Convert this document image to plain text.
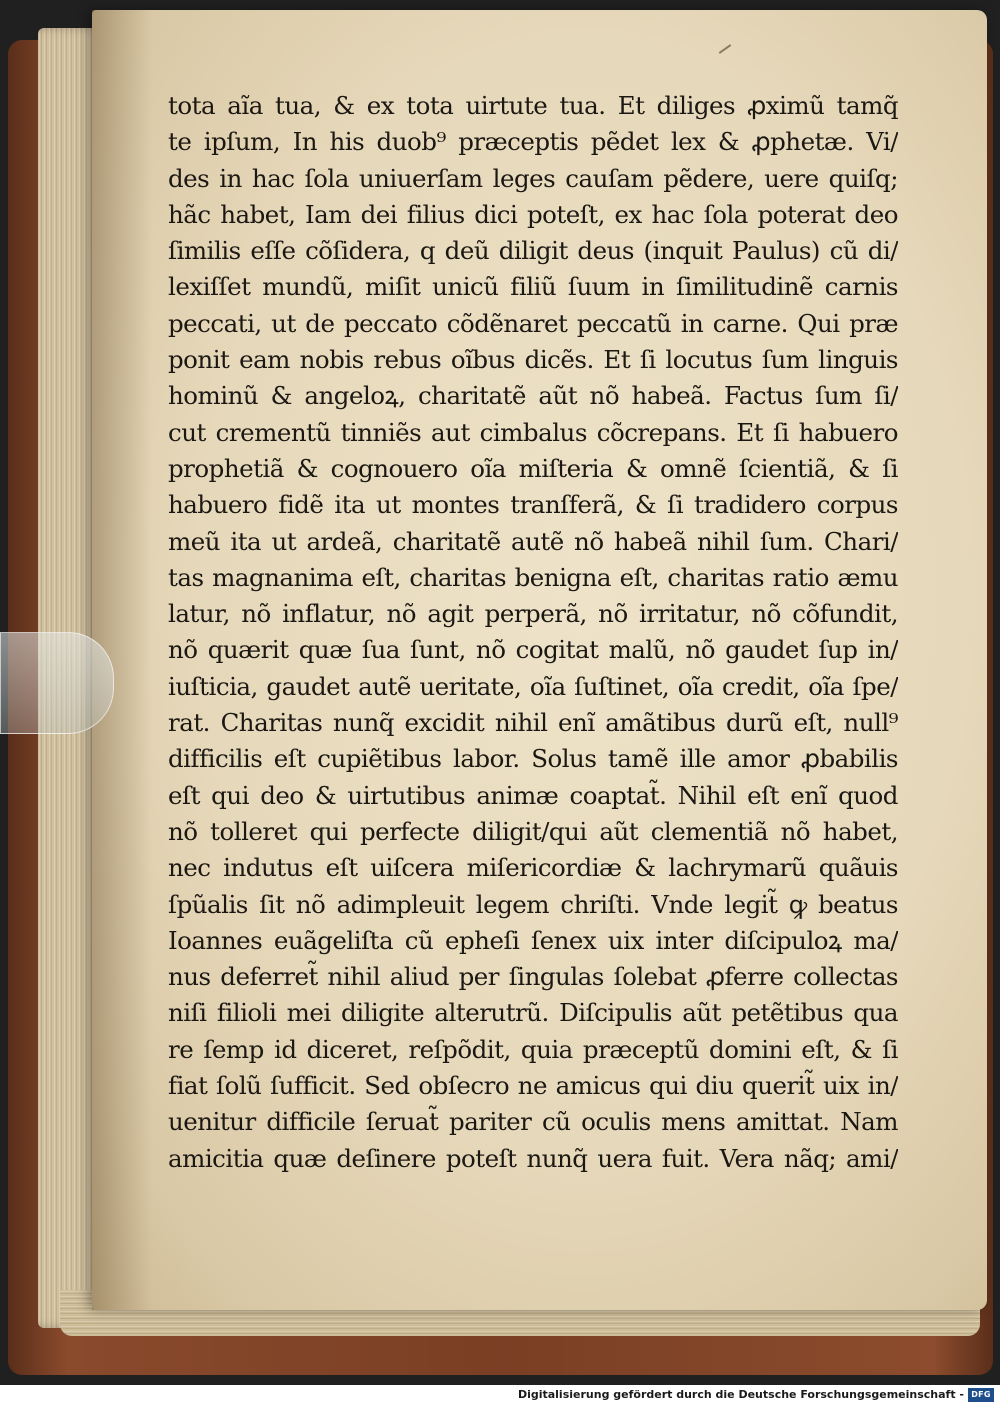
tota aĩa tua, & ex tota uirtute tua. Et diliges ꝓximũ tamq̃
te ipſum, In his duob⁹ præceptis pẽdet lex & ꝓphetæ. Vi/
des in hac ſola uniuerſam leges cauſam pẽdere, uere quiſq;
hãc habet, Iam dei filius dici poteſt, ex hac ſola poterat deo
ſimilis eſſe cõſidera, q deũ diligit deus (inquit Paulus) cũ di/
lexiſſet mundũ, miſit unicũ filiũ ſuum in ſimilitudinẽ carnis
peccati, ut de peccato cõdẽnaret peccatũ in carne. Qui præ
ponit eam nobis rebus oĩbus dicẽs. Et ſi locutus ſum linguis
hominũ & angeloꝝ, charitatẽ aũt nõ habeã. Factus ſum ſi/
cut crementũ tinniẽs aut cimbalus cõcrepans. Et ſi habuero
prophetiã & cognouero oĩa miſteria & omnẽ ſcientiã, & ſi
habuero fidẽ ita ut montes tranſferã, & ſi tradidero corpus
meũ ita ut ardeã, charitatẽ autẽ nõ habeã nihil ſum. Chari/
tas magnanima eſt, charitas benigna eſt, charitas ratio æmu
latur, nõ inflatur, nõ agit perperã, nõ irritatur, nõ cõfundit,
nõ quærit quæ ſua ſunt, nõ cogitat malũ, nõ gaudet ſup in/
iuſticia, gaudet autẽ ueritate, oĩa ſuſtinet, oĩa credit, oĩa ſpe/
rat. Charitas nunq̃ excidit nihil enĩ amãtibus durũ eſt, null⁹
difficilis eſt cupiẽtibus labor. Solus tamẽ ille amor ꝓbabilis
eſt qui deo & uirtutibus animæ coaptat̃. Nihil eſt enĩ quod
nõ tolleret qui perfecte diligit/qui aũt clementiã nõ habet,
nec indutus eſt uiſcera miſericordiæ & lachrymarũ quãuis
ſpũalis ſit nõ adimpleuit legem chriſti. Vnde legit̃ ꝙ beatus
Ioannes euãgeliſta cũ epheſi ſenex uix inter diſcipuloꝝ ma/
nus deferret̃ nihil aliud per ſingulas ſolebat ꝓferre collectas
niſi filioli mei diligite alterutrũ. Diſcipulis aũt petẽtibus qua
re ſemp id diceret, reſpõdit, quia præceptũ domini eſt, & ſi
fiat ſolũ ſufficit. Sed obſecro ne amicus qui diu querit̃ uix in/
uenitur difficile ſeruat̃ pariter cũ oculis mens amittat. Nam
amicitia quæ deſinere poteſt nunq̃ uera fuit. Vera nãq; ami/
Digitalisierung gefördert durch die Deutsche Forschungsgemeinschaft - DFG
